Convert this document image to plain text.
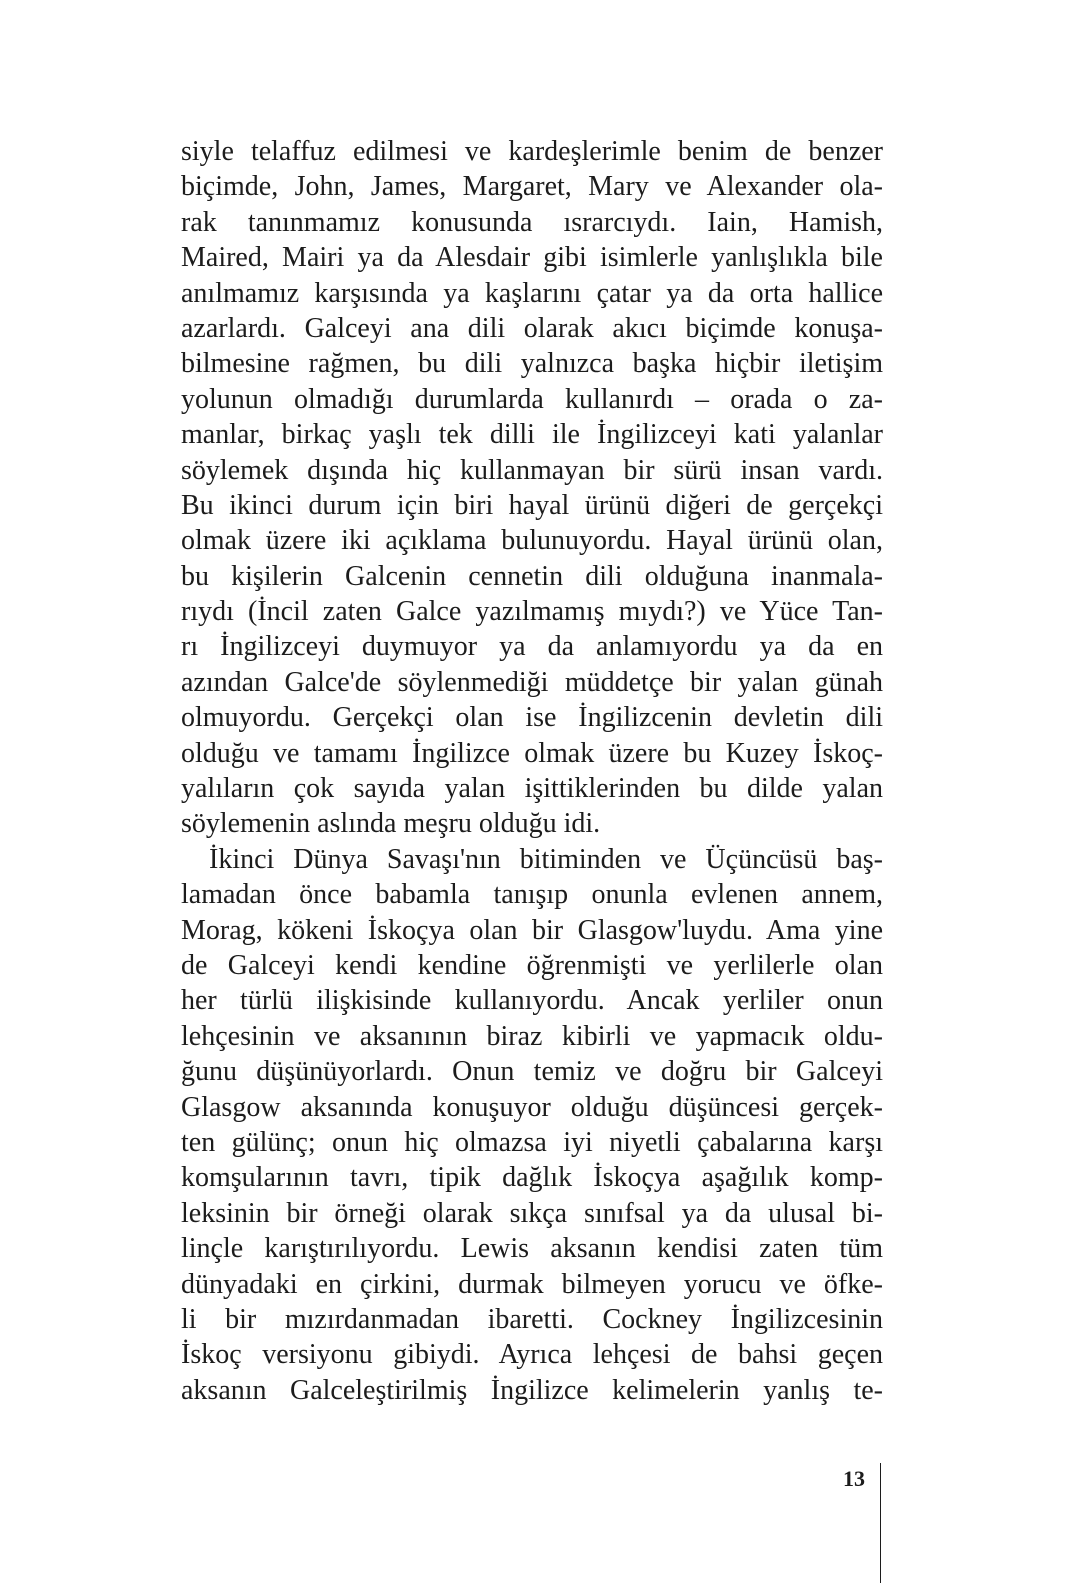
siyle telaffuz edilmesi ve kardeşlerimle benim de benzer
biçimde, John, James, Margaret, Mary ve Alexander ola-
rak tanınmamız konusunda ısrarcıydı. Iain, Hamish,
Maired, Mairi ya da Alesdair gibi isimlerle yanlışlıkla bile
anılmamız karşısında ya kaşlarını çatar ya da orta hallice
azarlardı. Galceyi ana dili olarak akıcı biçimde konuşa-
bilmesine rağmen, bu dili yalnızca başka hiçbir iletişim
yolunun olmadığı durumlarda kullanırdı – orada o za-
manlar, birkaç yaşlı tek dilli ile İngilizceyi kati yalanlar
söylemek dışında hiç kullanmayan bir sürü insan vardı.
Bu ikinci durum için biri hayal ürünü diğeri de gerçekçi
olmak üzere iki açıklama bulunuyordu. Hayal ürünü olan,
bu kişilerin Galcenin cennetin dili olduğuna inanmala-
rıydı (İncil zaten Galce yazılmamış mıydı?) ve Yüce Tan-
rı İngilizceyi duymuyor ya da anlamıyordu ya da en
azından Galce'de söylenmediği müddetçe bir yalan günah
olmuyordu. Gerçekçi olan ise İngilizcenin devletin dili
olduğu ve tamamı İngilizce olmak üzere bu Kuzey İskoç-
yalıların çok sayıda yalan işittiklerinden bu dilde yalan
söylemenin aslında meşru olduğu idi.
İkinci Dünya Savaşı'nın bitiminden ve Üçüncüsü baş-
lamadan önce babamla tanışıp onunla evlenen annem,
Morag, kökeni İskoçya olan bir Glasgow'luydu. Ama yine
de Galceyi kendi kendine öğrenmişti ve yerlilerle olan
her türlü ilişkisinde kullanıyordu. Ancak yerliler onun
lehçesinin ve aksanının biraz kibirli ve yapmacık oldu-
ğunu düşünüyorlardı. Onun temiz ve doğru bir Galceyi
Glasgow aksanında konuşuyor olduğu düşüncesi gerçek-
ten gülünç; onun hiç olmazsa iyi niyetli çabalarına karşı
komşularının tavrı, tipik dağlık İskoçya aşağılık komp-
leksinin bir örneği olarak sıkça sınıfsal ya da ulusal bi-
linçle karıştırılıyordu. Lewis aksanın kendisi zaten tüm
dünyadaki en çirkini, durmak bilmeyen yorucu ve öfke-
li bir mızırdanmadan ibaretti. Cockney İngilizcesinin
İskoç versiyonu gibiydi. Ayrıca lehçesi de bahsi geçen
aksanın Galceleştirilmiş İngilizce kelimelerin yanlış te-
13
